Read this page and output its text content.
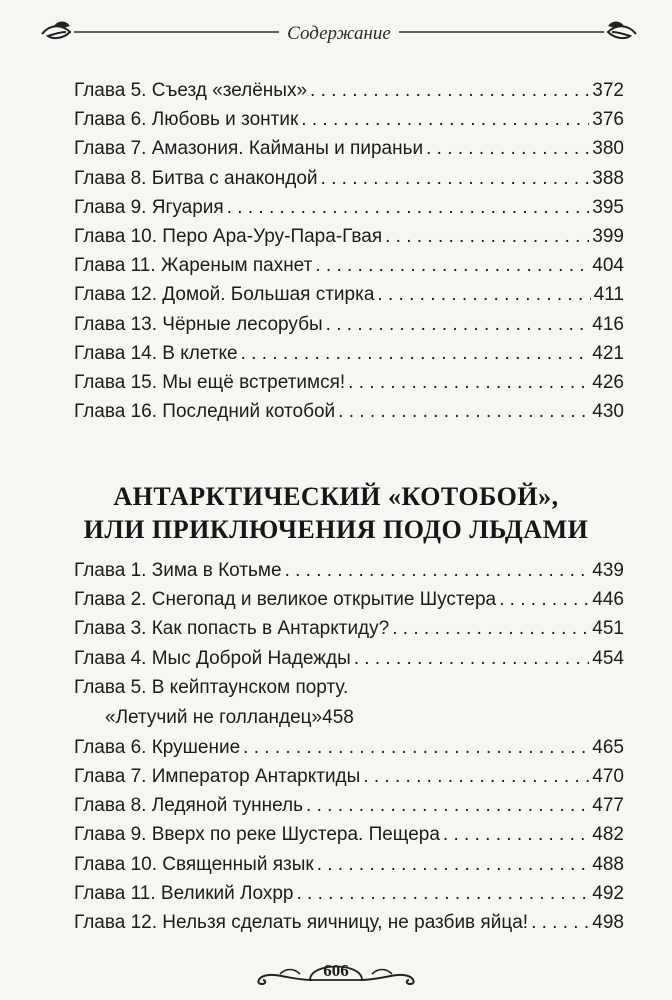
Содержание
Глава 5. Съезд «зелёных» . . .	372
Глава 6. Любовь и зонтик . . .	376
Глава 7. Амазония. Кайманы и пираньи . . .	380
Глава 8. Битва с анакондой . . .	388
Глава 9. Ягуария . . .	395
Глава 10. Перо Ара-Уру-Пара-Гвая . . .	399
Глава 11. Жареным пахнет . . .	404
Глава 12. Домой. Большая стирка . . .	411
Глава 13. Чёрные лесорубы . . .	416
Глава 14. В клетке . . .	421
Глава 15. Мы ещё встретимся! . . .	426
Глава 16. Последний котобой . . .	430
АНТАРКТИЧЕСКИЙ «КОТОБОЙ»,
ИЛИ ПРИКЛЮЧЕНИЯ ПОДО ЛЬДАМИ
Глава 1. Зима в Котьме . . .	439
Глава 2. Снегопад и великое открытие Шустера . . .	446
Глава 3. Как попасть в Антарктиду? . . .	451
Глава 4. Мыс Доброй Надежды . . .	454
Глава 5. В кейптаунском порту.
«Летучий не голландец» 458
Глава 6. Крушение . . .	465
Глава 7. Император Антарктиды . . .	470
Глава 8. Ледяной туннель . . .	477
Глава 9. Вверх по реке Шустера. Пещера . . .	482
Глава 10. Священный язык . . .	488
Глава 11. Великий Лохрр . . .	492
Глава 12. Нельзя сделать яичницу, не разбив яйца! . . .	498
606
